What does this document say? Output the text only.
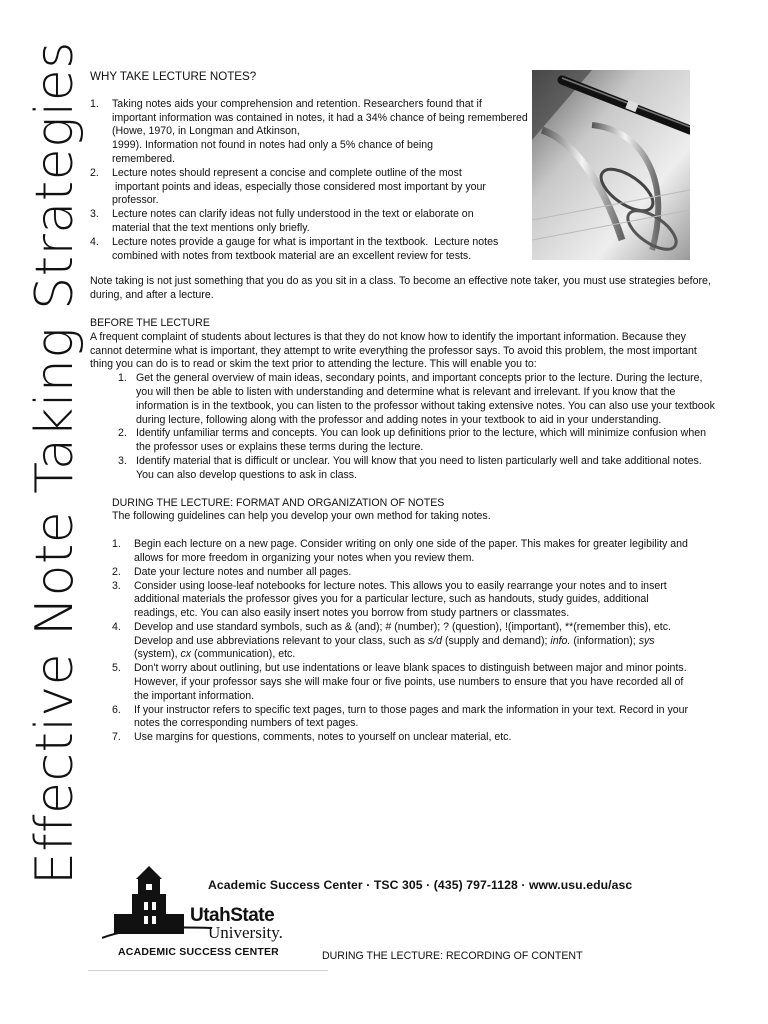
Effective Note Taking Strategies WHY TAKE LECTURE NOTES?
1. Taking notes aids your comprehension and retention. Researchers found that if
important information was contained in notes, it had a 34% chance of being remembered
(Howe, 1970, in Longman and Atkinson,
1999). Information not found in notes had only a 5% chance of being
remembered.
2. Lecture notes should represent a concise and complete outline of the most
important points and ideas, especially those considered most important by your
professor.
3. Lecture notes can clarify ideas not fully understood in the text or elaborate on
material that the text mentions only briefly.
4. Lecture notes provide a gauge for what is important in the textbook.  Lecture notes
combined with notes from textbook material are an excellent review for tests.

Note taking is not just something that you do as you sit in a class. To become an effective note taker, you must use strategies before, during, and after a lecture.

BEFORE THE LECTURE

A frequent complaint of students about lectures is that they do not know how to identify the important information. Because they cannot determine what is important, they attempt to write everything the professor says. To avoid this problem, the most important thing you can do is to read or skim the text prior to attending the lecture. This will enable you to:

1. Get the general overview of main ideas, secondary points, and important concepts prior to the lecture. During the lecture, you will then be able to listen with understanding and determine what is relevant and irrelevant. If you know that the information is in the textbook, you can listen to the professor without taking extensive notes. You can also use your textbook during lecture, following along with the professor and adding notes in your textbook to aid in your understanding.
2. Identify unfamiliar terms and concepts. You can look up definitions prior to the lecture, which will minimize confusion when the professor uses or explains these terms during the lecture.
3. Identify material that is difficult or unclear. You will know that you need to listen particularly well and take additional notes. You can also develop questions to ask in class.

DURING THE LECTURE: FORMAT AND ORGANIZATION OF NOTES

The following guidelines can help you develop your own method for taking notes.

1. Begin each lecture on a new page. Consider writing on only one side of the paper. This makes for greater legibility and allows for more freedom in organizing your notes when you review them.
2. Date your lecture notes and number all pages.
3. Consider using loose-leaf notebooks for lecture notes. This allows you to easily rearrange your notes and to insert additional materials the professor gives you for a particular lecture, such as handouts, study guides, additional readings, etc. You can also easily insert notes you borrow from study partners or classmates.
4. Develop and use standard symbols, such as & (and); # (number); ? (question), !(important), **(remember this), etc. Develop and use abbreviations relevant to your class, such as s/d (supply and demand); info. (information); sys (system), cx (communication), etc.
5. Don't worry about outlining, but use indentations or leave blank spaces to distinguish between major and minor points. However, if your professor says she will make four or five points, use numbers to ensure that you have recorded all of the important information.
6. If your instructor refers to specific text pages, turn to those pages and mark the information in your text. Record in your notes the corresponding numbers of text pages.
7. Use margins for questions, comments, notes to yourself on unclear material, etc.
UtahState
University.
ACADEMIC SUCCESS CENTER
Academic Success Center · TSC 305 · (435) 797-1128 · www.usu.edu/asc
DURING THE LECTURE: RECORDING OF CONTENT
